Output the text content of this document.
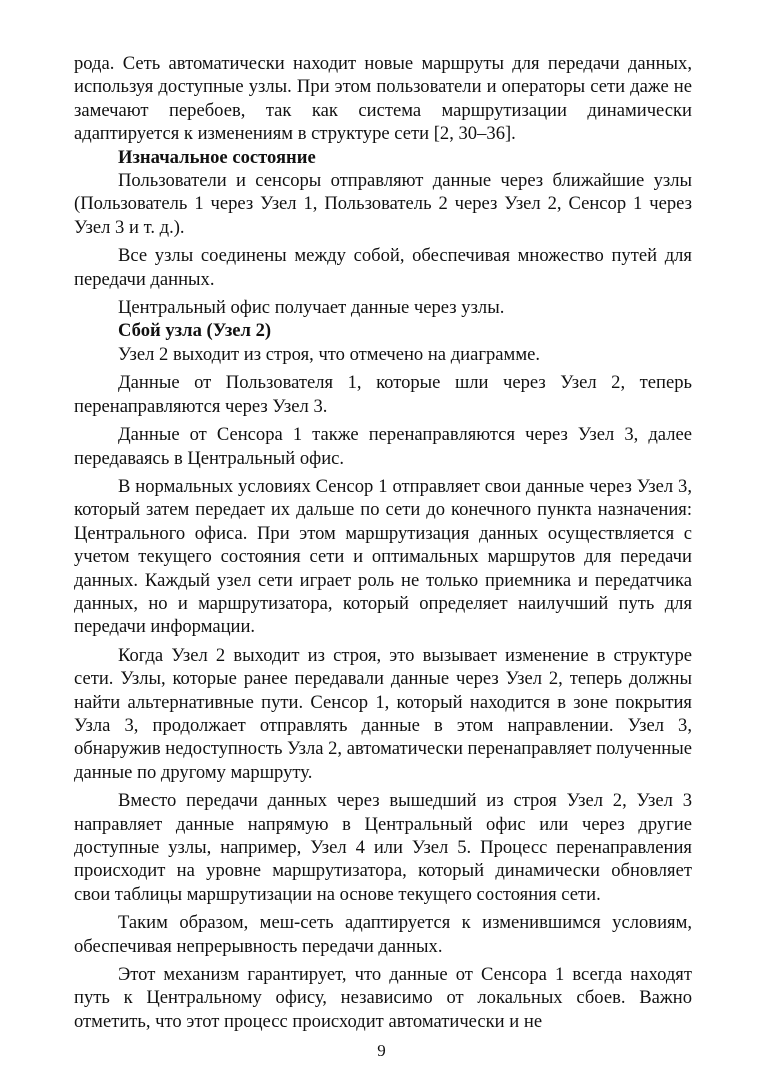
рода. Сеть автоматически находит новые маршруты для передачи данных, используя доступные узлы. При этом пользователи и операторы сети даже не замечают перебоев, так как система маршрутизации динамически адаптируется к изменениям в структуре сети [2, 30–36].

Изначальное состояние

Пользователи и сенсоры отправляют данные через ближайшие узлы (Пользователь 1 через Узел 1, Пользователь 2 через Узел 2, Сенсор 1 через Узел 3 и т. д.).

Все узлы соединены между собой, обеспечивая множество путей для передачи данных.

Центральный офис получает данные через узлы.

Сбой узла (Узел 2)

Узел 2 выходит из строя, что отмечено на диаграмме.

Данные от Пользователя 1, которые шли через Узел 2, теперь перенаправляются через Узел 3.

Данные от Сенсора 1 также перенаправляются через Узел 3, далее передаваясь в Центральный офис.

В нормальных условиях Сенсор 1 отправляет свои данные через Узел 3, который затем передает их дальше по сети до конечного пункта назначения: Центрального офиса. При этом маршрутизация данных осуществляется с учетом текущего состояния сети и оптимальных маршрутов для передачи данных. Каждый узел сети играет роль не только приемника и передатчика данных, но и маршрутизатора, который определяет наилучший путь для передачи информации.

Когда Узел 2 выходит из строя, это вызывает изменение в структуре сети. Узлы, которые ранее передавали данные через Узел 2, теперь должны найти альтернативные пути. Сенсор 1, который находится в зоне покрытия Узла 3, продолжает отправлять данные в этом направлении. Узел 3, обнаружив недоступность Узла 2, автоматически перенаправляет полученные данные по другому маршруту.

Вместо передачи данных через вышедший из строя Узел 2, Узел 3 направляет данные напрямую в Центральный офис или через другие доступные узлы, например, Узел 4 или Узел 5. Процесс перенаправления происходит на уровне маршрутизатора, который динамически обновляет свои таблицы маршрутизации на основе текущего состояния сети.

Таким образом, меш-сеть адаптируется к изменившимся условиям, обеспечивая непрерывность передачи данных.

Этот механизм гарантирует, что данные от Сенсора 1 всегда находят путь к Центральному офису, независимо от локальных сбоев. Важно отметить, что этот процесс происходит автоматически и не

9
